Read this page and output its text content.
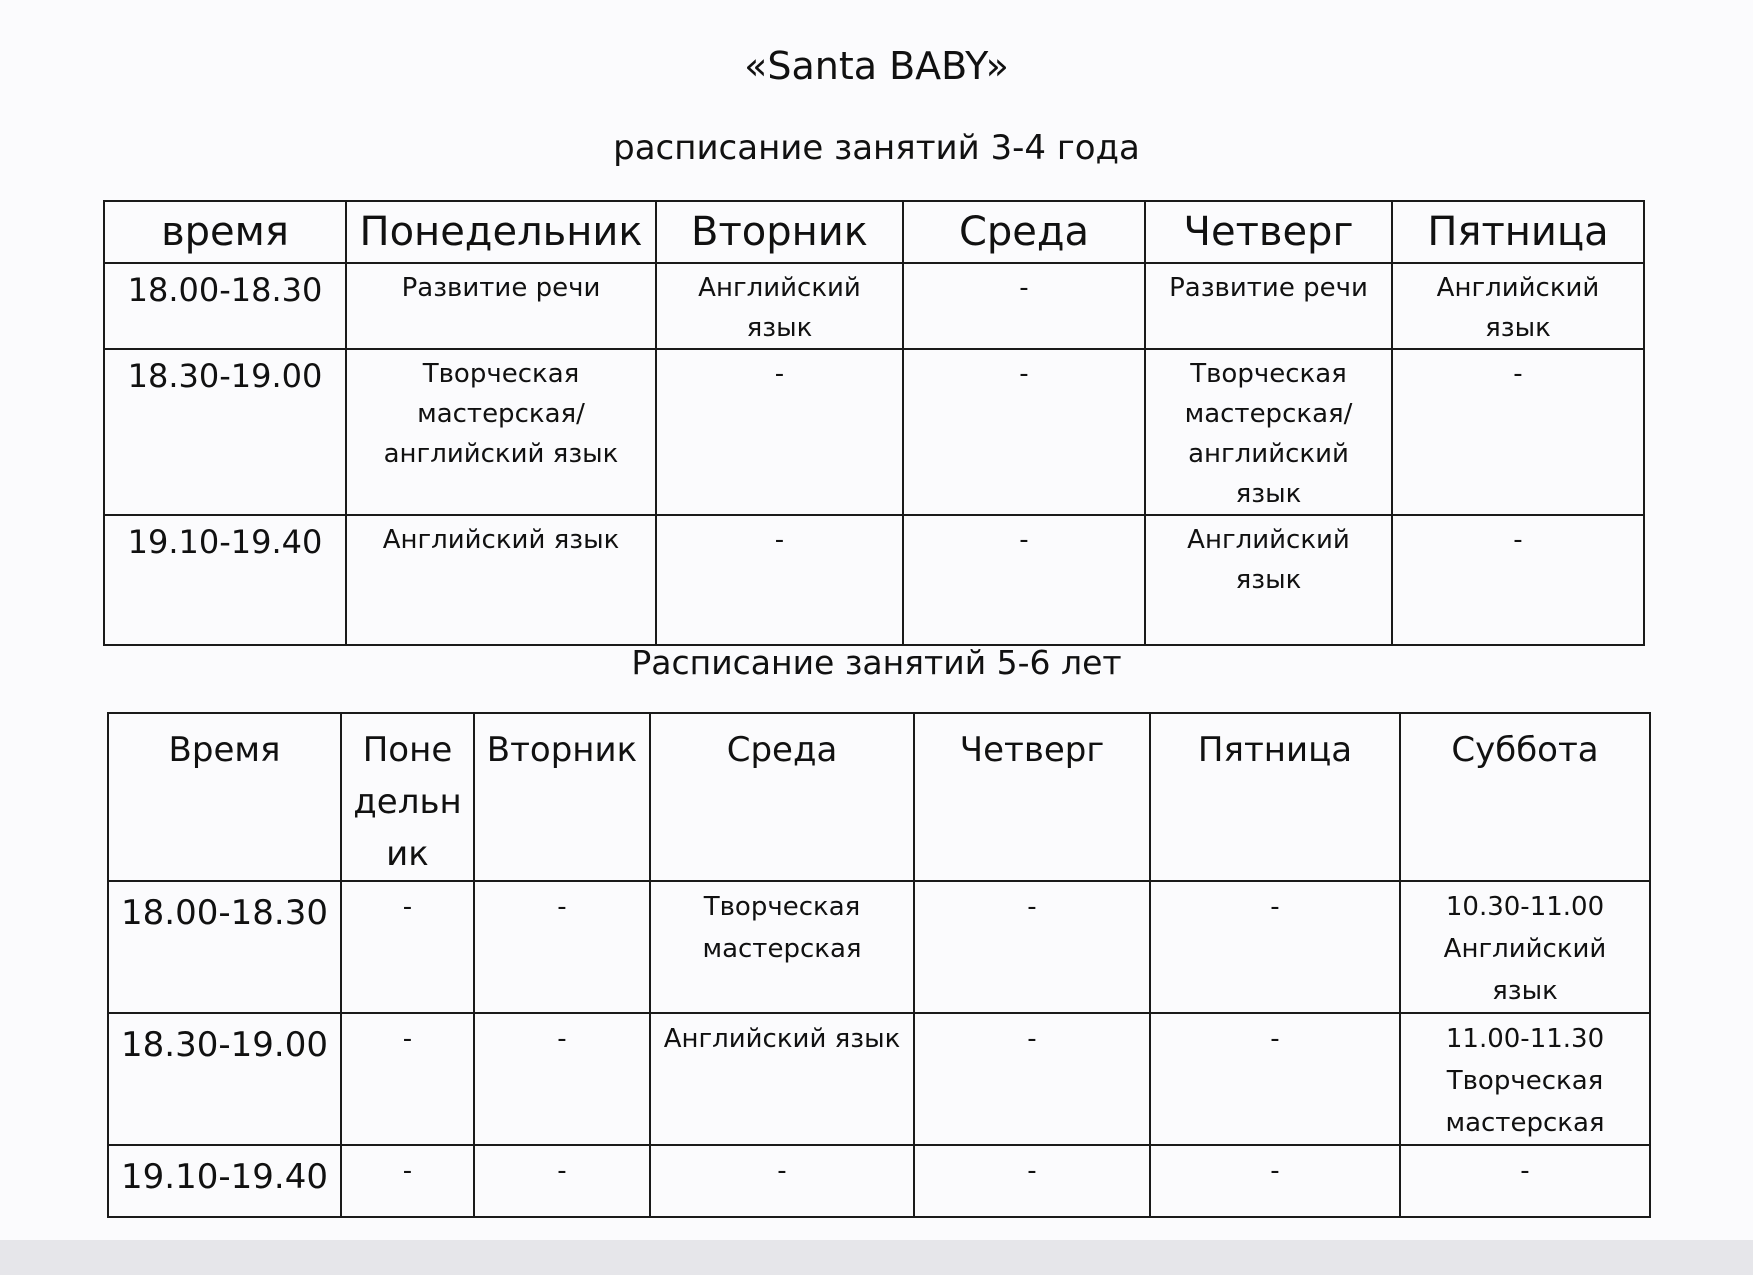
«Santa BABY»
расписание занятий 3-4 года
время	Понедельник	Вторник	Среда	Четверг	Пятница
18.00-18.30	Развитие речи	Английский
язык	-	Развитие речи	Английский
язык
18.30-19.00	Творческая
мастерская/
английский язык	-	-	Творческая
мастерская/
английский
язык	-
19.10-19.40	Английский язык	-	-	Английский
язык	-
Расписание занятий 5-6 лет
Время	Поне
дельн
ик	Вторник	Среда	Четверг	Пятница	Суббота
18.00-18.30	-	-	Творческая
мастерская	-	-	10.30-11.00
Английский
язык
18.30-19.00	-	-	Английский язык	-	-	11.00-11.30
Творческая
мастерская
19.10-19.40	-	-	-	-	-	-
